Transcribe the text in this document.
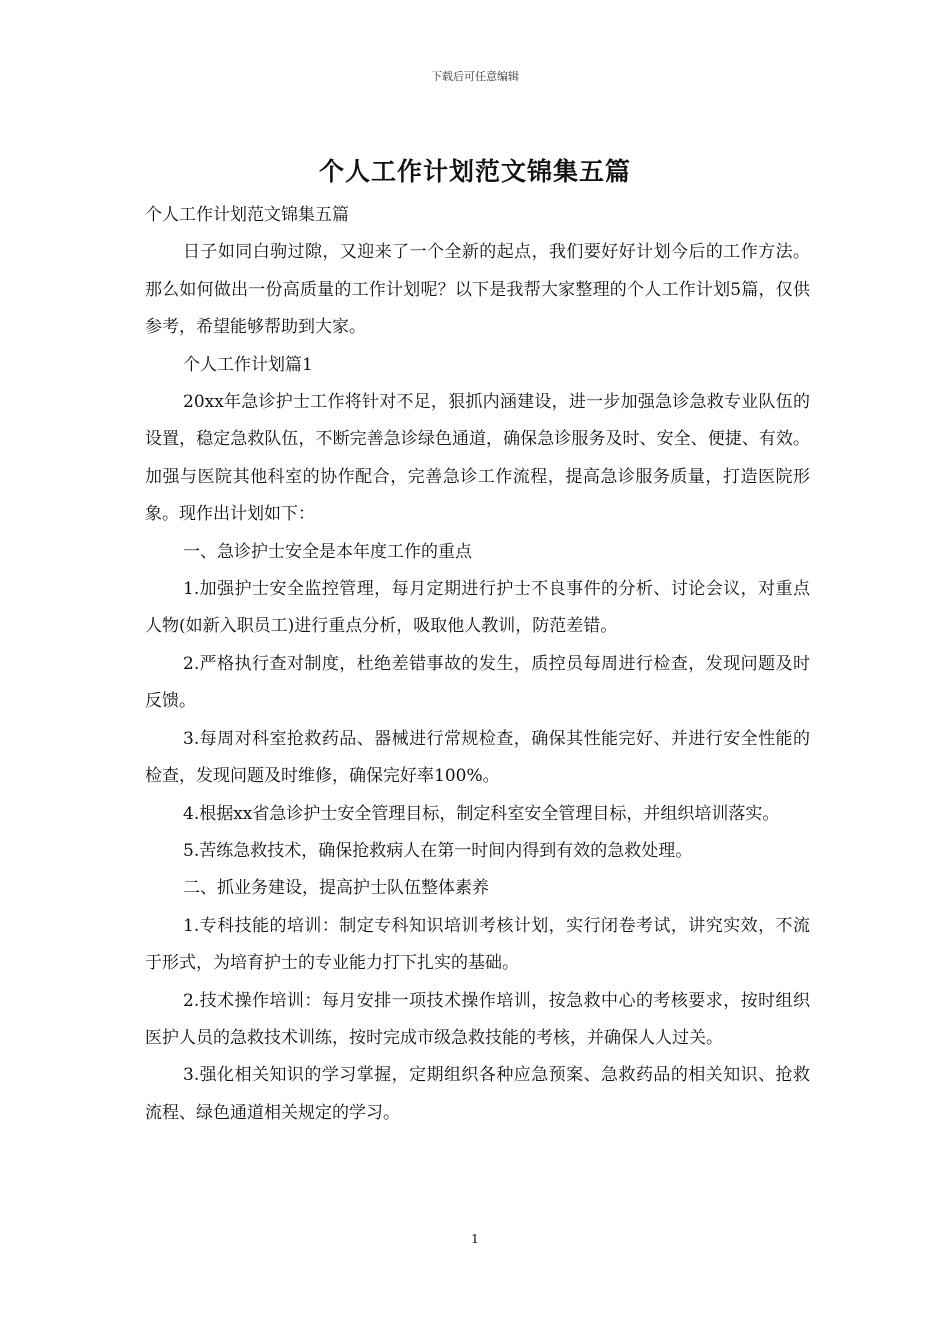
下载后可任意编辑
个人工作计划范文锦集五篇

个人工作计划范文锦集五篇

日子如同白驹过隙，又迎来了一个全新的起点，我们要好好计划今后的工作方法。那么如何做出一份高质量的工作计划呢？以下是我帮大家整理的个人工作计划5篇，仅供参考，希望能够帮助到大家。

个人工作计划篇1

20xx年急诊护士工作将针对不足，狠抓内涵建设，进一步加强急诊急救专业队伍的设置，稳定急救队伍，不断完善急诊绿色通道，确保急诊服务及时、安全、便捷、有效。加强与医院其他科室的协作配合，完善急诊工作流程，提高急诊服务质量，打造医院形象。现作出计划如下：

一、急诊护士安全是本年度工作的重点

1.加强护士安全监控管理，每月定期进行护士不良事件的分析、讨论会议，对重点人物(如新入职员工)进行重点分析，吸取他人教训，防范差错。

2.严格执行查对制度，杜绝差错事故的发生，质控员每周进行检查，发现问题及时反馈。

3.每周对科室抢救药品、器械进行常规检查，确保其性能完好、并进行安全性能的检查，发现问题及时维修，确保完好率100%。

4.根据xx省急诊护士安全管理目标，制定科室安全管理目标，并组织培训落实。

5.苦练急救技术，确保抢救病人在第一时间内得到有效的急救处理。

二、抓业务建设，提高护士队伍整体素养

1.专科技能的培训：制定专科知识培训考核计划，实行闭卷考试，讲究实效，不流于形式，为培育护士的专业能力打下扎实的基础。

2.技术操作培训：每月安排一项技术操作培训，按急救中心的考核要求，按时组织医护人员的急救技术训练，按时完成市级急救技能的考核，并确保人人过关。

3.强化相关知识的学习掌握，定期组织各种应急预案、急救药品的相关知识、抢救流程、绿色通道相关规定的学习。

1
